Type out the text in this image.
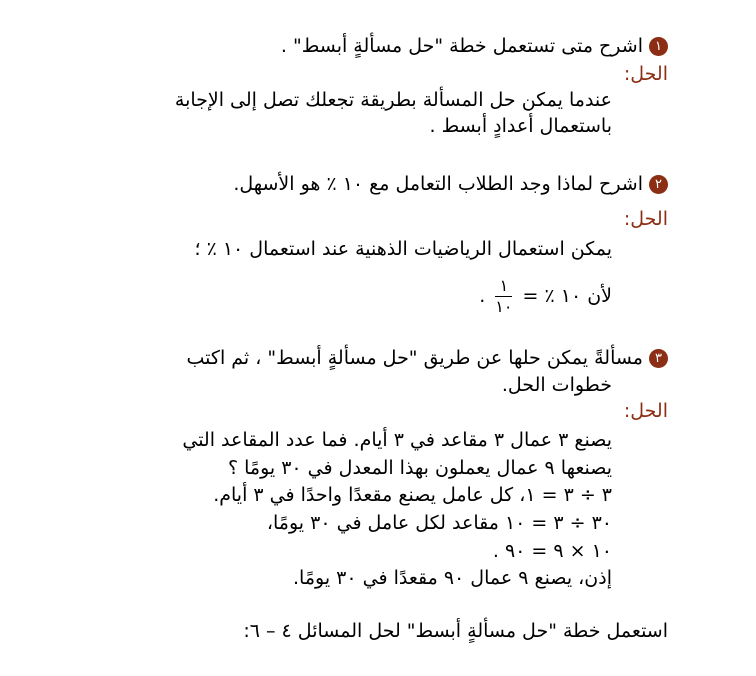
١اشرح متى تستعمل خطة "حل مسألةٍ أبسط" .
الحل:
عندما يمكن حل المسألة بطريقة تجعلك تصل إلى الإجابة
باستعمال أعدادٍ أبسط .
٢اشرح لماذا وجد الطلاب التعامل مع ١٠ ٪ هو الأسهل.
الحل:
يمكن استعمال الرياضيات الذهنية عند استعمال ١٠ ٪ ؛
لأن ١٠ ٪ =
$\frac{١}{١٠}$
.
٣مسألةً يمكن حلها عن طريق "حل مسألةٍ أبسط" ، ثم اكتب
خطوات الحل.
الحل:
يصنع ٣ عمال ٣ مقاعد في ٣ أيام. فما عدد المقاعد التي
يصنعها ٩ عمال يعملون بهذا المعدل في ٣٠ يومًا ؟
٣ ÷ ٣ = ١، كل عامل يصنع مقعدًا واحدًا في ٣ أيام.
٣٠ ÷ ٣ = ١٠ مقاعد لكل عامل في ٣٠ يومًا،
١٠ × ٩ = ٩٠ .
إذن، يصنع ٩ عمال ٩٠ مقعدًا في ٣٠ يومًا.
استعمل خطة "حل مسألةٍ أبسط" لحل المسائل ٤ – ٦:
